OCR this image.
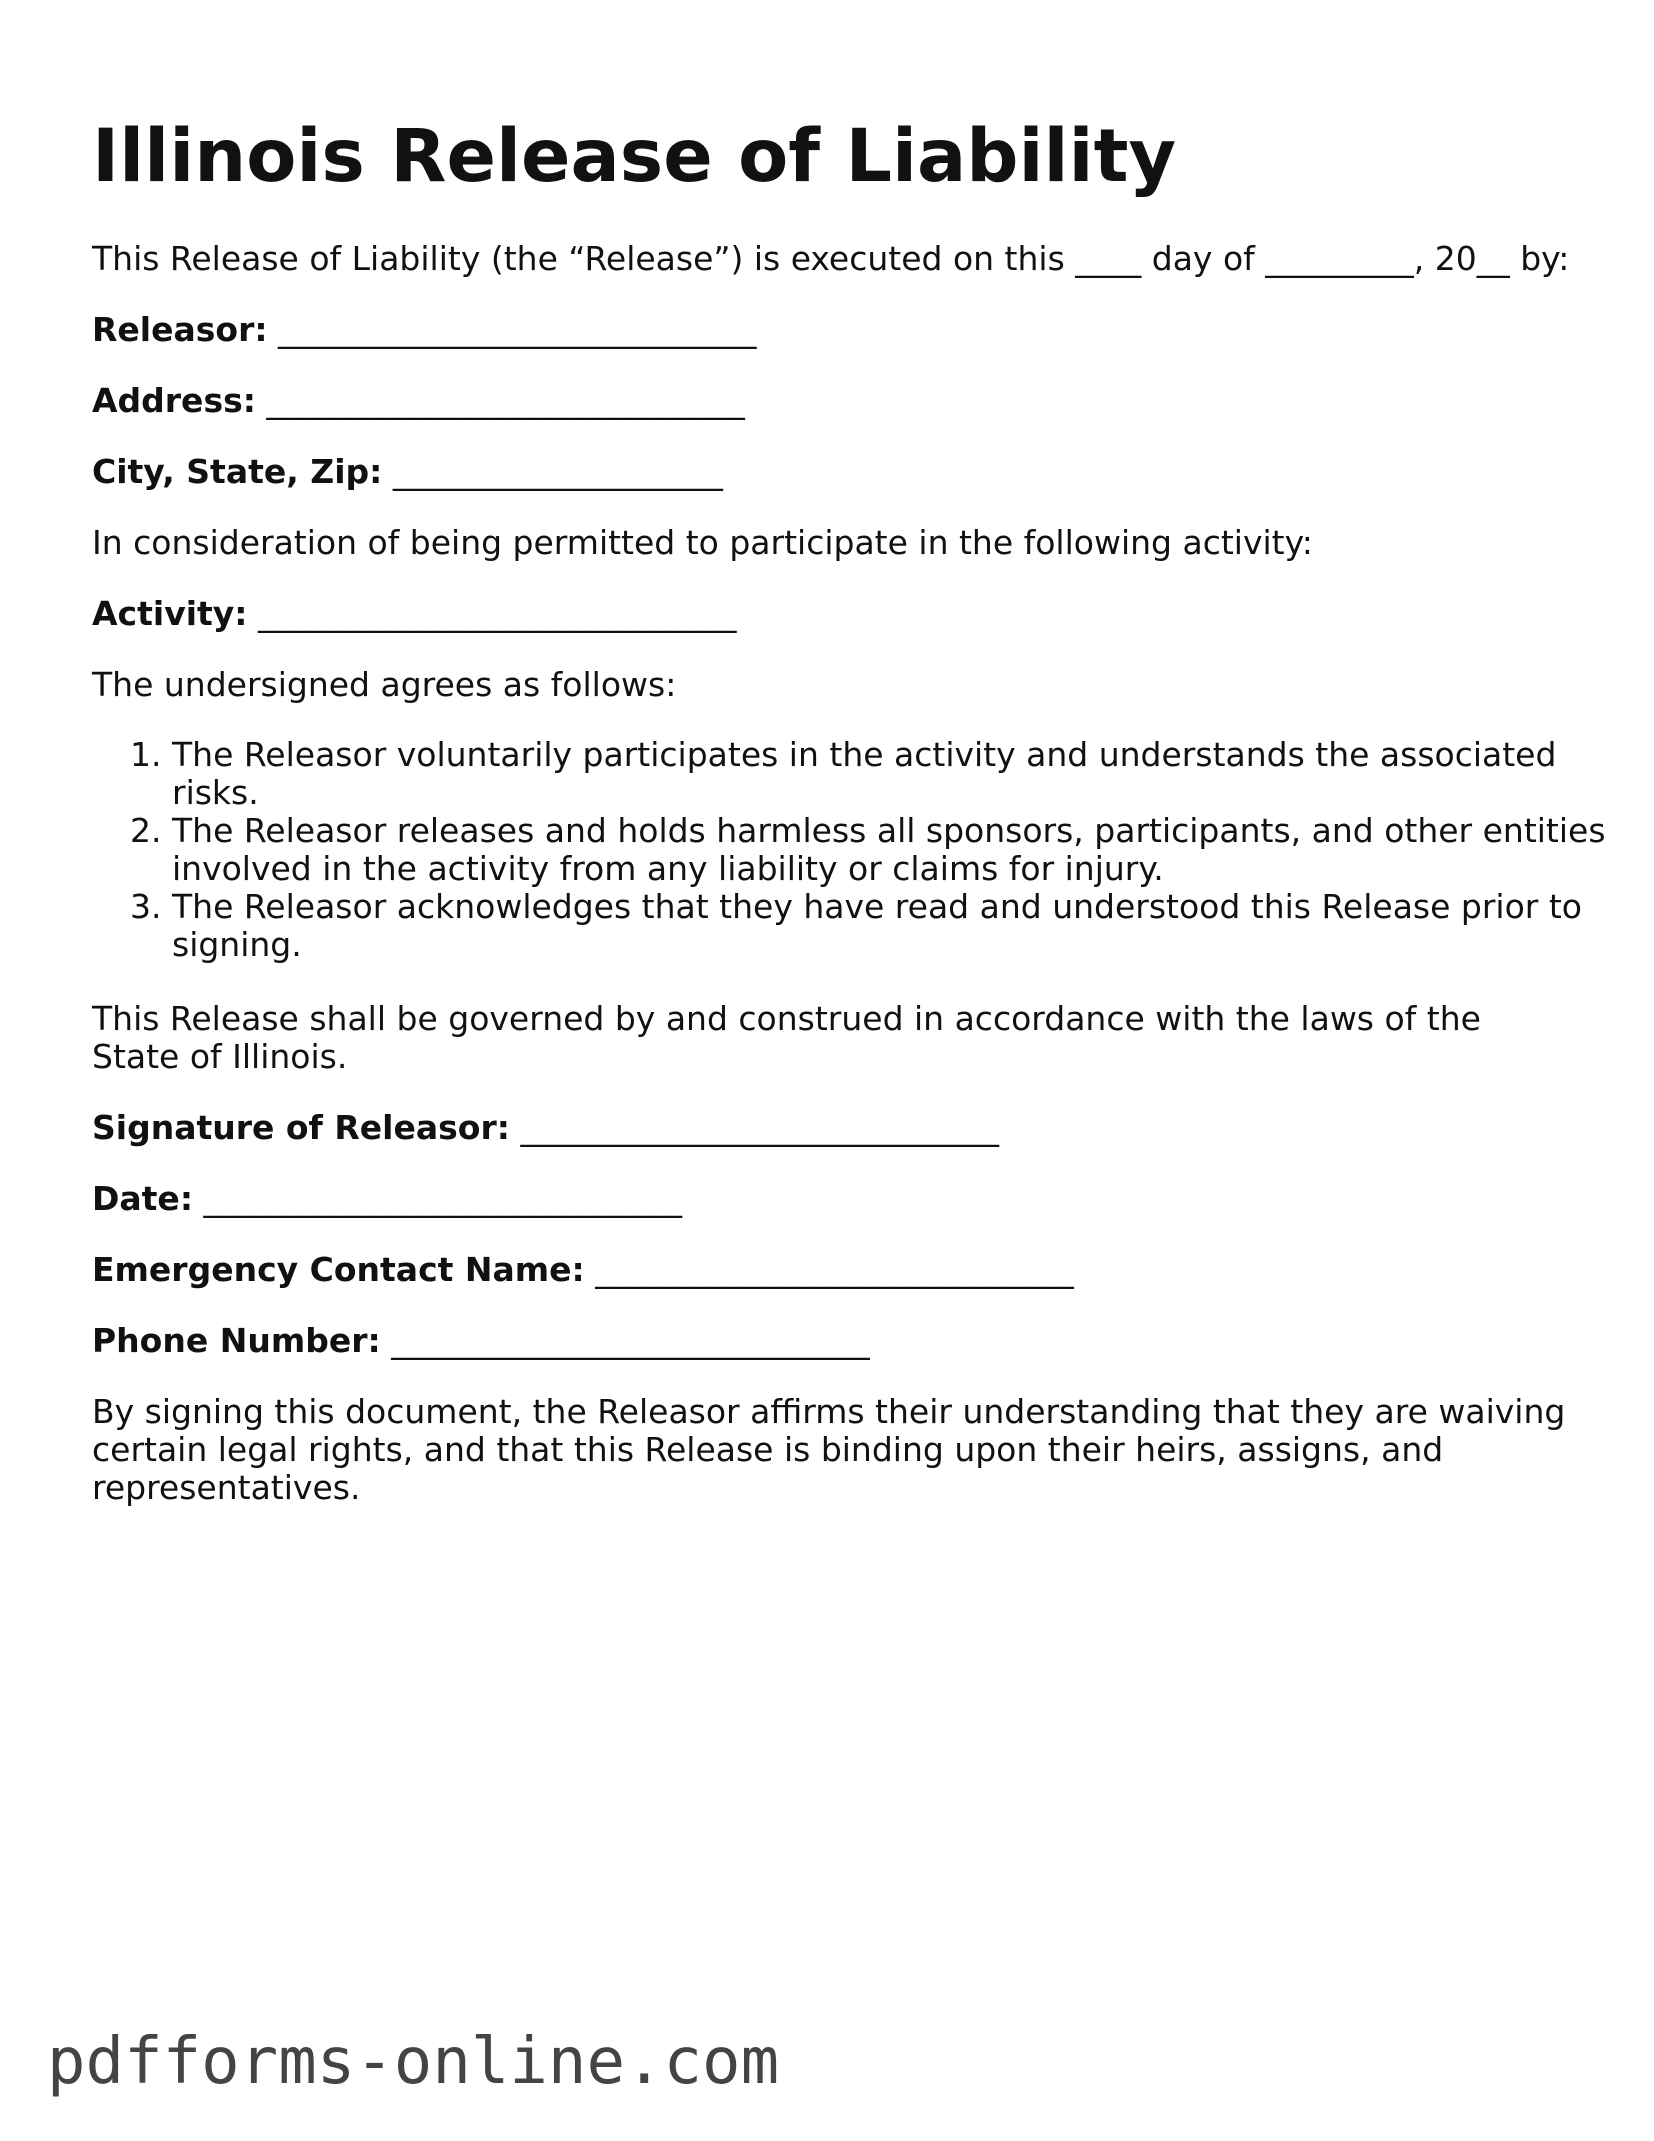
Illinois Release of Liability

This Release of Liability (the “Release”) is executed on this ____ day of _________, 20__ by:

Releasor: _____________________________

Address: _____________________________

City, State, Zip: ____________________

In consideration of being permitted to participate in the following activity:

Activity: _____________________________

The undersigned agrees as follows:

1. The Releasor voluntarily participates in the activity and understands the associated risks.
2. The Releasor releases and holds harmless all sponsors, participants, and other entities involved in the activity from any liability or claims for injury.
3. The Releasor acknowledges that they have read and understood this Release prior to signing.

This Release shall be governed by and construed in accordance with the laws of the State of Illinois.

Signature of Releasor: _____________________________

Date: _____________________________

Emergency Contact Name: _____________________________

Phone Number: _____________________________

By signing this document, the Releasor affirms their understanding that they are waiving certain legal rights, and that this Release is binding upon their heirs, assigns, and representatives.

pdfforms-online.com
